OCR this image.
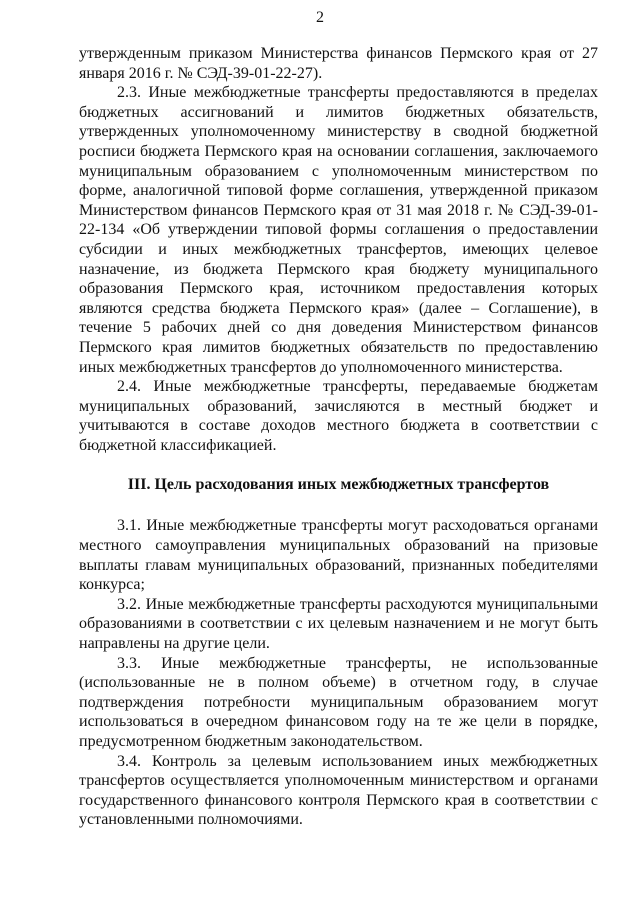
2

утвержденным приказом Министерства финансов Пермского края от 27 января 2016 г. № СЭД-39-01-22-27).

2.3. Иные межбюджетные трансферты предоставляются в пределах бюджетных ассигнований и лимитов бюджетных обязательств, утвержденных уполномоченному министерству в сводной бюджетной росписи бюджета Пермского края на основании соглашения, заключаемого муниципальным образованием с уполномоченным министерством по форме, аналогичной типовой форме соглашения, утвержденной приказом Министерством финансов Пермского края от 31 мая 2018 г. № СЭД-39-01-22-134 «Об утверждении типовой формы соглашения о предоставлении субсидии и иных межбюджетных трансфертов, имеющих целевое назначение, из бюджета Пермского края бюджету муниципального образования Пермского края, источником предоставления которых являются средства бюджета Пермского края» (далее – Соглашение), в течение 5 рабочих дней со дня доведения Министерством финансов Пермского края лимитов бюджетных обязательств по предоставлению иных межбюджетных трансфертов до уполномоченного министерства.

2.4. Иные межбюджетные трансферты, передаваемые бюджетам муниципальных образований, зачисляются в местный бюджет и учитываются в составе доходов местного бюджета в соответствии с бюджетной классификацией.

III. Цель расходования иных межбюджетных трансфертов

3.1. Иные межбюджетные трансферты могут расходоваться органами местного самоуправления муниципальных образований на призовые выплаты главам муниципальных образований, признанных победителями конкурса;

3.2. Иные межбюджетные трансферты расходуются муниципальными образованиями в соответствии с их целевым назначением и не могут быть направлены на другие цели.

3.3. Иные межбюджетные трансферты, не использованные (использованные не в полном объеме) в отчетном году, в случае подтверждения потребности муниципальным образованием могут использоваться в очередном финансовом году на те же цели в порядке, предусмотренном бюджетным законодательством.

3.4. Контроль за целевым использованием иных межбюджетных трансфертов осуществляется уполномоченным министерством и органами государственного финансового контроля Пермского края в соответствии с установленными полномочиями.
